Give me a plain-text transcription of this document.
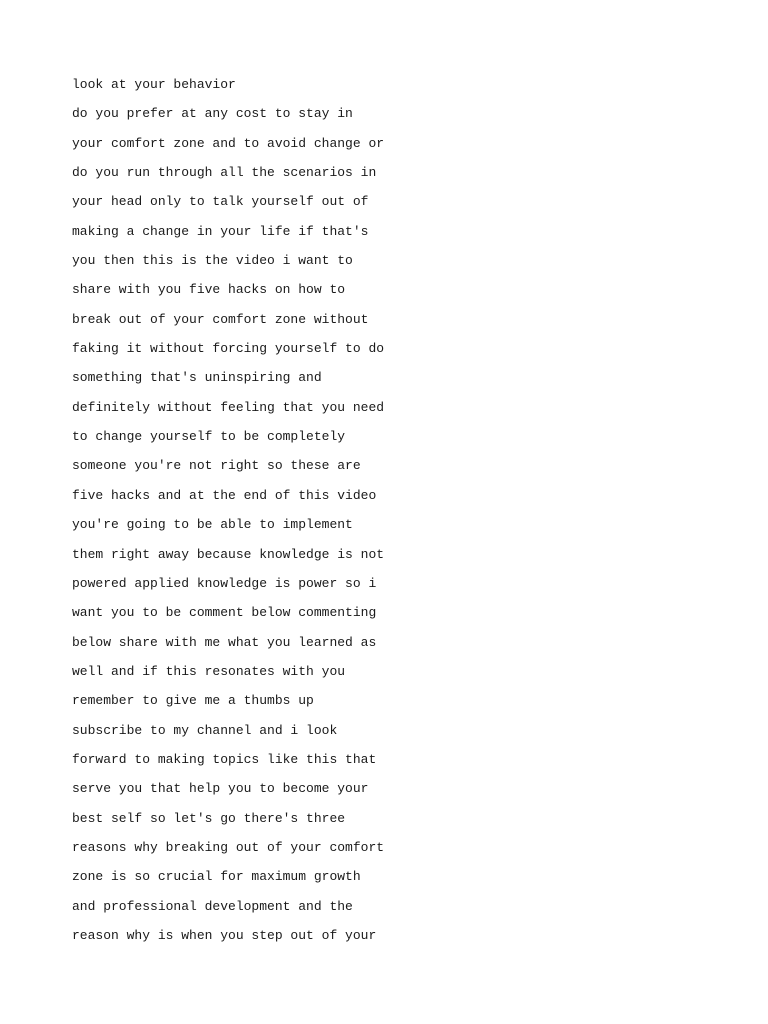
look at your behavior

do you prefer at any cost to stay in

your comfort zone and to avoid change or

do you run through all the scenarios in

your head only to talk yourself out of

making a change in your life if that's

you then this is the video i want to

share with you five hacks on how to

break out of your comfort zone without

faking it without forcing yourself to do

something that's uninspiring and

definitely without feeling that you need

to change yourself to be completely

someone you're not right so these are

five hacks and at the end of this video

you're going to be able to implement

them right away because knowledge is not

powered applied knowledge is power so i

want you to be comment below commenting

below share with me what you learned as

well and if this resonates with you

remember to give me a thumbs up

subscribe to my channel and i look

forward to making topics like this that

serve you that help you to become your

best self so let's go there's three

reasons why breaking out of your comfort

zone is so crucial for maximum growth

and professional development and the

reason why is when you step out of your
